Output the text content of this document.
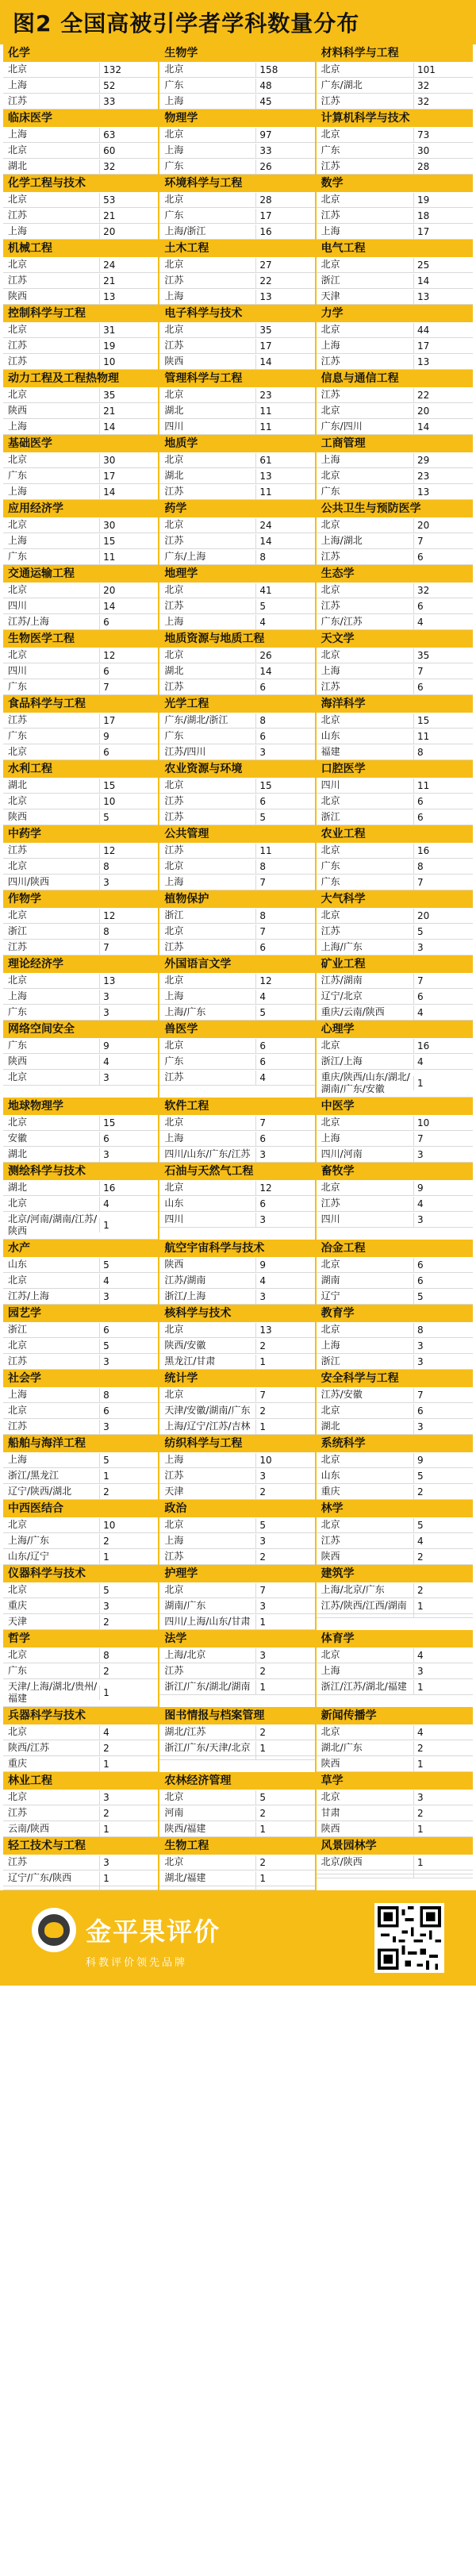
图2 全国高被引学者学科数量分布
化学
北京	132
上海	52
江苏	33
生物学
北京	158
广东	48
上海	45
材料科学与工程
北京	101
广东/湖北	32
江苏	32
临床医学
上海	63
北京	60
湖北	32
物理学
北京	97
上海	33
广东	26
计算机科学与技术
北京	73
广东	30
江苏	28
化学工程与技术
北京	53
江苏	21
上海	20
环境科学与工程
北京	28
广东	17
上海/浙江	16
数学
北京	19
江苏	18
上海	17
机械工程
北京	24
江苏	21
陕西	13
土木工程
北京	27
江苏	22
上海	13
电气工程
北京	25
浙江	14
天津	13
控制科学与工程
北京	31
江苏	19
江苏	10
电子科学与技术
北京	35
江苏	17
陕西	14
力学
北京	44
上海	17
江苏	13
动力工程及工程热物理
北京	35
陕西	21
上海	14
管理科学与工程
北京	23
湖北	11
四川	11
信息与通信工程
江苏	22
北京	20
广东/四川	14
基础医学
北京	30
广东	17
上海	14
地质学
北京	61
湖北	13
江苏	11
工商管理
上海	29
北京	23
广东	13
应用经济学
北京	30
上海	15
广东	11
药学
北京	24
江苏	14
广东/上海	8
公共卫生与预防医学
北京	20
上海/湖北	7
江苏	6
交通运输工程
北京	20
四川	14
江苏/上海	6
地理学
北京	41
江苏	5
上海	4
生态学
北京	32
江苏	6
广东/江苏	4
生物医学工程
北京	12
四川	6
广东	7
地质资源与地质工程
北京	26
湖北	14
江苏	6
天文学
北京	35
上海	7
江苏	6
食品科学与工程
江苏	17
广东	9
北京	6
光学工程
广东/湖北/浙江	8
广东	6
江苏/四川	3
海洋科学
北京	15
山东	11
福建	8
水利工程
湖北	15
北京	10
陕西	5
农业资源与环境
北京	15
江苏	6
江苏	5
口腔医学
四川	11
北京	6
浙江	6
中药学
江苏	12
北京	8
四川/陕西	3
公共管理
江苏	11
北京	8
上海	7
农业工程
北京	16
广东	8
广东	7
作物学
北京	12
浙江	8
江苏	7
植物保护
浙江	8
北京	7
江苏	6
大气科学
北京	20
江苏	5
上海/广东	3
理论经济学
北京	13
上海	3
广东	3
外国语言文学
北京	12
上海	4
上海/广东	5
矿业工程
江苏/湖南	7
辽宁/北京	6
重庆/云南/陕西	4
网络空间安全
广东	9
陕西	4
北京	3
兽医学
北京	6
广东	6
江苏	4
心理学
北京	16
浙江/上海	4
重庆/陕西/山东/湖北/湖南/广东/安徽	1
地球物理学
北京	15
安徽	6
湖北	3
软件工程
北京	7
上海	6
四川/山东/广东/江苏 3
中医学
北京	10
上海	7
四川/河南	3
测绘科学与技术
湖北	16
北京	4
北京/河南/湖南/江苏/陕西	1
石油与天然气工程
北京	12
山东	6
四川	3
畜牧学
北京	9
江苏	4
四川	3
水产
山东	5
北京	4
江苏/上海	3
航空宇宙科学与技术
陕西	9
江苏/湖南	4
浙江/上海	3
冶金工程
北京	6
湖南	6
辽宁	5
园艺学
浙江	6
北京	5
江苏	3
核科学与技术
北京	13
陕西/安徽	2
黑龙江/甘肃	1
教育学
北京	8
上海	3
浙江	3
社会学
上海	8
北京	6
江苏	3
统计学
北京	7
天津/安徽/湖南/广东 2
上海/辽宁/江苏/吉林 1
安全科学与工程
江苏/安徽	7
北京	6
湖北	3
船舶与海洋工程
上海	5
浙江/黑龙江	1
辽宁/陕西/湖北	2
纺织科学与工程
上海	10
江苏	3
天津	2
系统科学
北京	9
山东	5
重庆	2
中西医结合
北京	10
上海/广东	2
山东/辽宁	1
政治
北京	5
上海	3
江苏	2
林学
北京	5
江苏	4
陕西	2
仪器科学与技术
北京	5
重庆	3
天津	2
护理学
北京	7
湖南/广东	3
四川/上海/山东/甘肃 1
建筑学
上海/北京/广东	2
江苏/陕西/江西/湖南	1
哲学
北京	8
广东	2
天津/上海/湖北/贵州/福建	1
法学
上海/北京	3
江苏	2
浙江/广东/湖北/湖南 1
体育学
北京	4
上海	3
浙江/江苏/湖北/福建	1
兵器科学与技术
北京	4
陕西/江苏	2
重庆	1
图书情报与档案管理
湖北/江苏	2
浙江/广东/天津/北京 1
新闻传播学
北京	4
湖北/广东	2
陕西	1
林业工程
北京	3
江苏	2
云南/陕西	1
农林经济管理
北京	5
河南	2
陕西/福建	1
草学
北京	3
甘肃	2
陕西	1
轻工技术与工程
江苏	3
辽宁/广东/陕西	1
生物工程
北京	2
湖北/福建	1
风景园林学
北京/陕西	1
金平果评价
科教评价领先品牌
